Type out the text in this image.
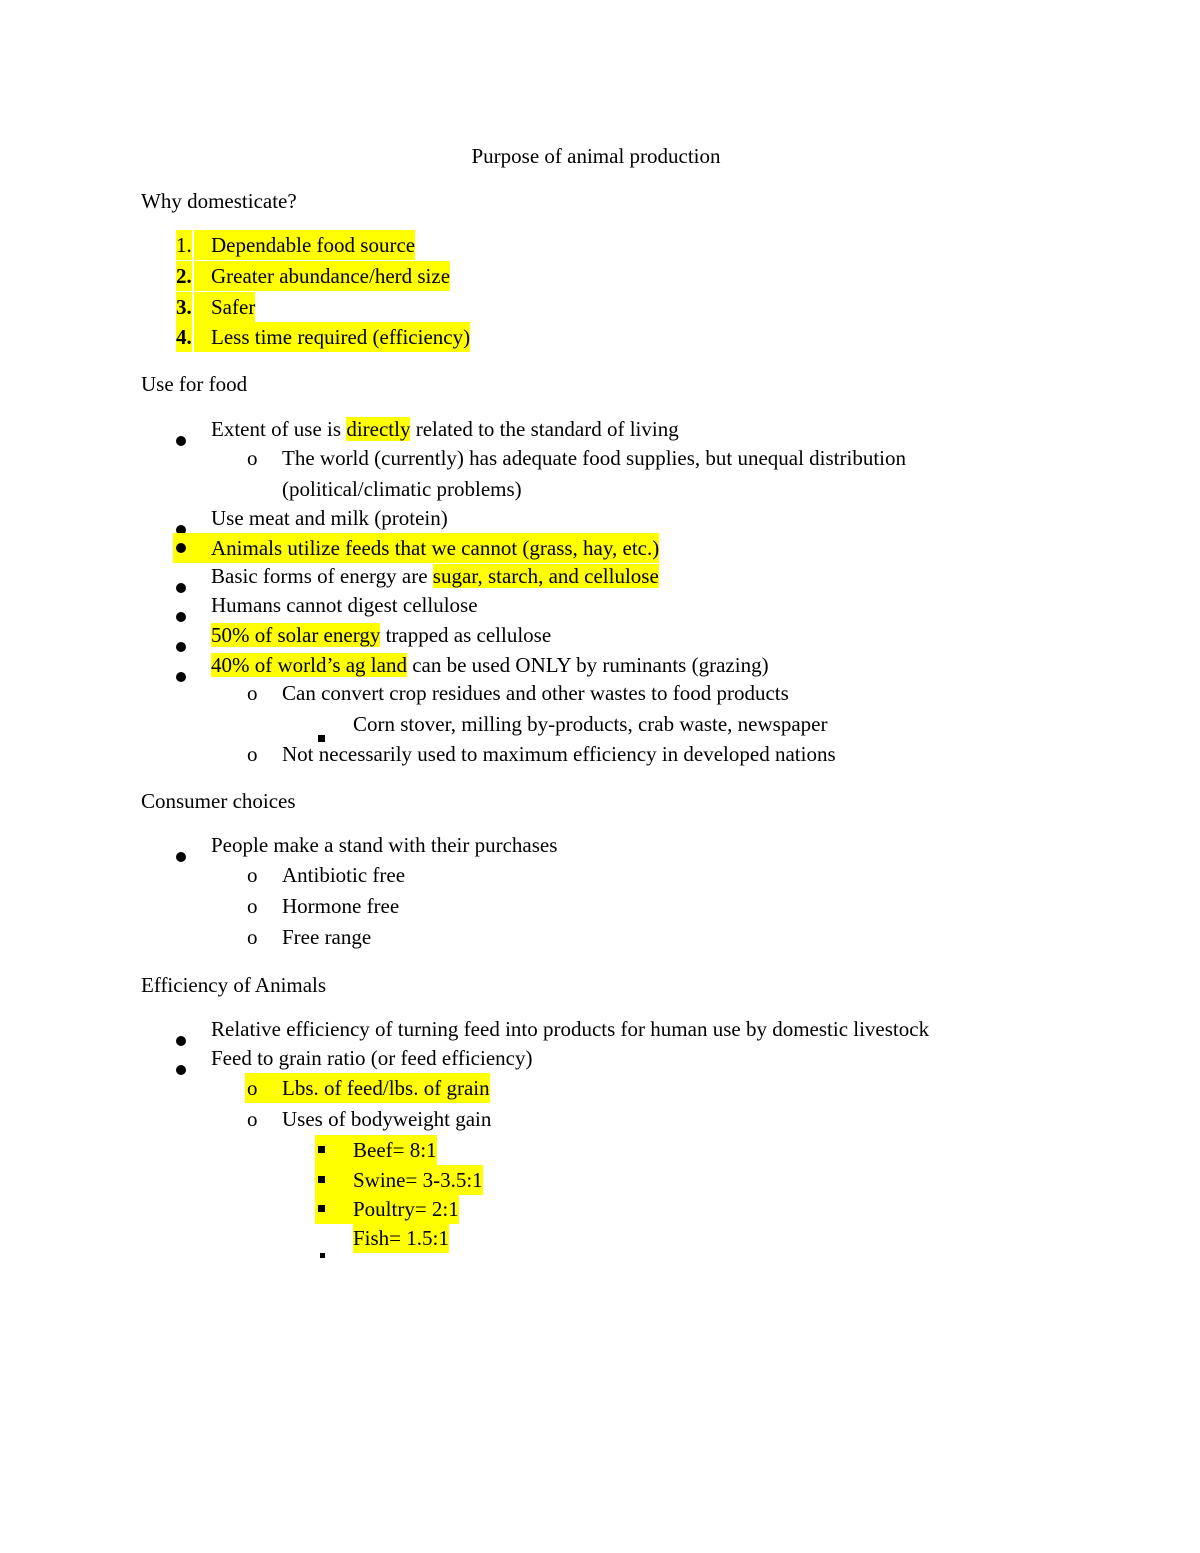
Purpose of animal production
Why domesticate?
1.
Dependable food source
2.
Greater abundance/herd size
3.
Safer
4.
Less time required (efficiency)
Use for food
Extent of use is directly related to the standard of living
o The world (currently) has adequate food supplies, but unequal distribution
(political/climatic problems)
Use meat and milk (protein)
Animals utilize feeds that we cannot (grass, hay, etc.)
Basic forms of energy are sugar, starch, and cellulose
Humans cannot digest cellulose
50% of solar energy trapped as cellulose
40% of world’s ag land can be used ONLY by ruminants (grazing)
o Can convert crop residues and other wastes to food products
Corn stover, milling by-products, crab waste, newspaper
o Not necessarily used to maximum efficiency in developed nations
Consumer choices
People make a stand with their purchases
o Antibiotic free
o Hormone free
o Free range
Efficiency of Animals
Relative efficiency of turning feed into products for human use by domestic livestock
Feed to grain ratio (or feed efficiency)
o	Lbs. of feed/lbs. of grain
o Uses of bodyweight gain
Beef= 8:1
Swine= 3-3.5:1
Poultry= 2:1
Fish= 1.5:1
